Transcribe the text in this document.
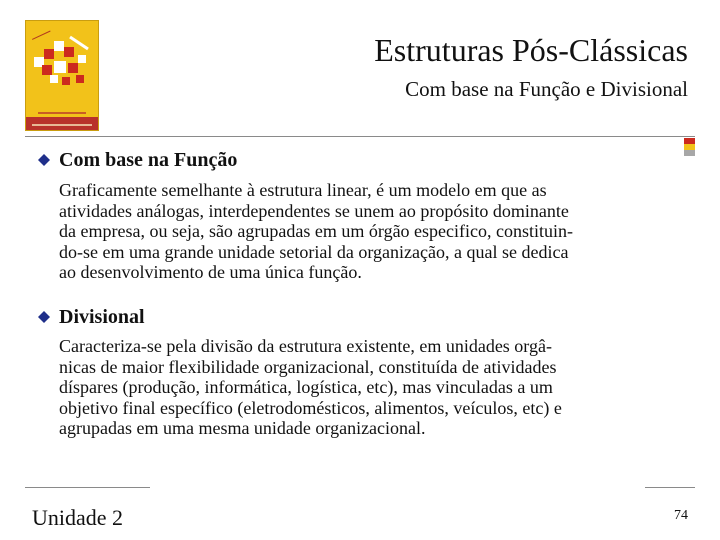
Estruturas Pós-Clássicas
Com base na Função e Divisional
Com base na Função

Graficamente semelhante à estrutura linear, é um modelo em que as
atividades análogas, interdependentes se unem ao propósito dominante
da empresa, ou seja, são agrupadas em um órgão especifico, constituin-
do-se em uma grande unidade setorial da organização, a qual se dedica
ao desenvolvimento de uma única função.

Divisional

Caracteriza-se pela divisão da estrutura existente, em unidades orgâ-
nicas de maior flexibilidade organizacional, constituída de atividades
díspares (produção, informática, logística, etc), mas vinculadas a um
objetivo final específico (eletrodomésticos, alimentos, veículos, etc) e
agrupadas em uma mesma unidade organizacional.

Unidade 2	74
